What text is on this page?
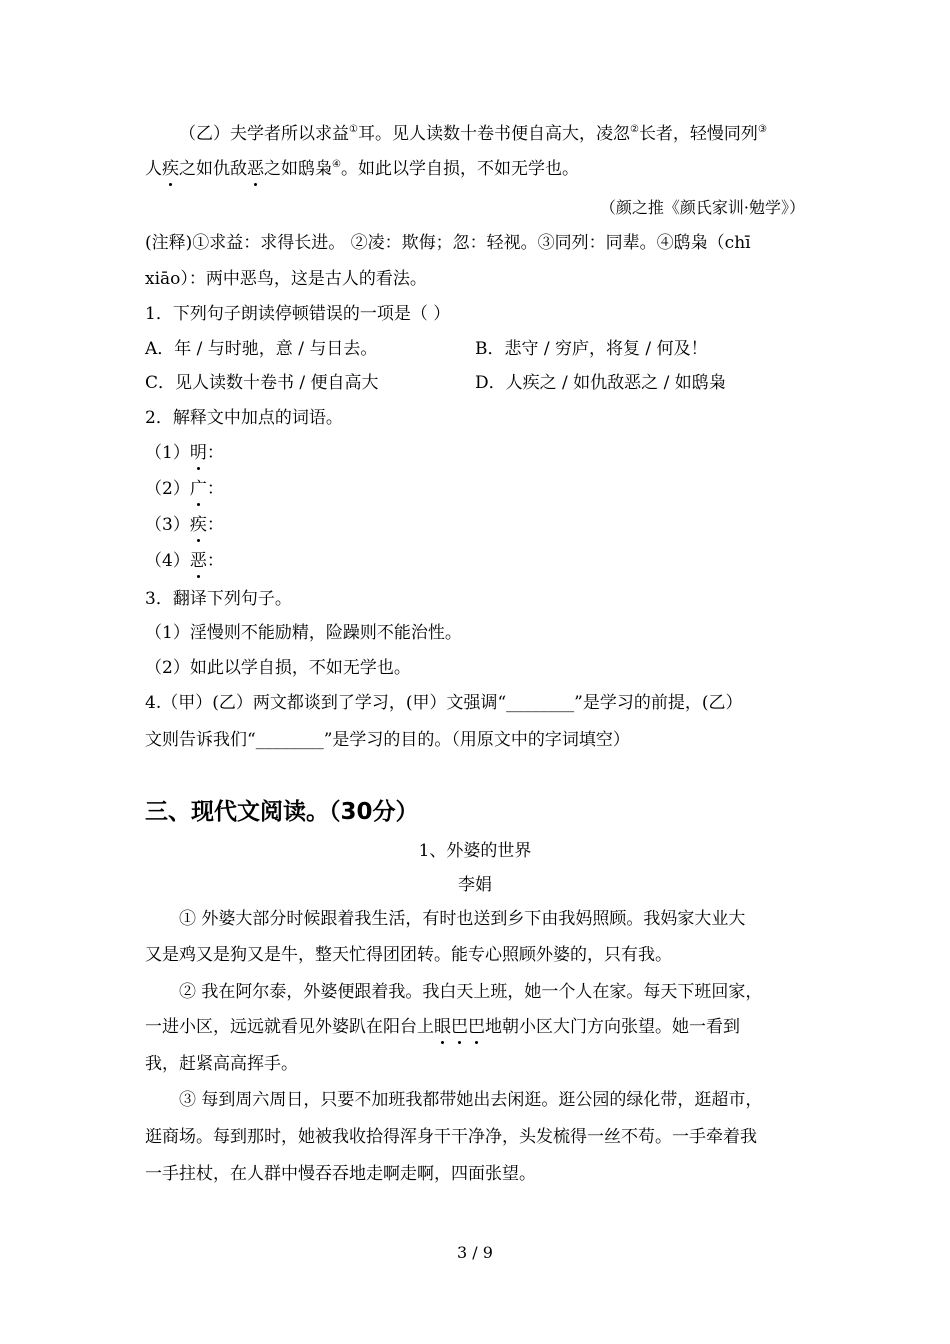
（乙）夫学者所以求益①耳。见人读数十卷书便自高大，凌忽②长者，轻慢同列③
人疾之如仇敌恶之如鸱枭④。如此以学自损，不如无学也。
（颜之推《颜氏家训·勉学》）
(注释)①求益：求得长进。 ②凌：欺侮；忽：轻视。③同列：同辈。④鸱枭（chī
xiāo）：两中恶鸟，这是古人的看法。
1．下列句子朗读停顿错误的一项是（ ）
A．年 / 与时驰，意 / 与日去。	B．悲守 / 穷庐，将复 / 何及！
C．见人读数十卷书 / 便自高大	D．人疾之 / 如仇敌恶之 / 如鸱枭
2．解释文中加点的词语。
（1）明：
（2）广：
（3）疾：
（4）恶：
3．翻译下列句子。
（1）淫慢则不能励精，险躁则不能治性。
（2）如此以学自损，不如无学也。
4.（甲）(乙）两文都谈到了学习，(甲）文强调“________”是学习的前提，(乙）
文则告诉我们“________”是学习的目的。（用原文中的字词填空）
三、现代文阅读。（30分）
1、外婆的世界
李娟
① 外婆大部分时候跟着我生活，有时也送到乡下由我妈照顾。我妈家大业大
又是鸡又是狗又是牛，整天忙得团团转。能专心照顾外婆的，只有我。
② 我在阿尔泰，外婆便跟着我。我白天上班，她一个人在家。每天下班回家，
一进小区，远远就看见外婆趴在阳台上眼巴巴地朝小区大门方向张望。她一看到
我，赶紧高高挥手。
③ 每到周六周日，只要不加班我都带她出去闲逛。逛公园的绿化带，逛超市，
逛商场。每到那时，她被我收拾得浑身干干净净，头发梳得一丝不苟。一手牵着我
一手拄杖，在人群中慢吞吞地走啊走啊，四面张望。
3 / 9
